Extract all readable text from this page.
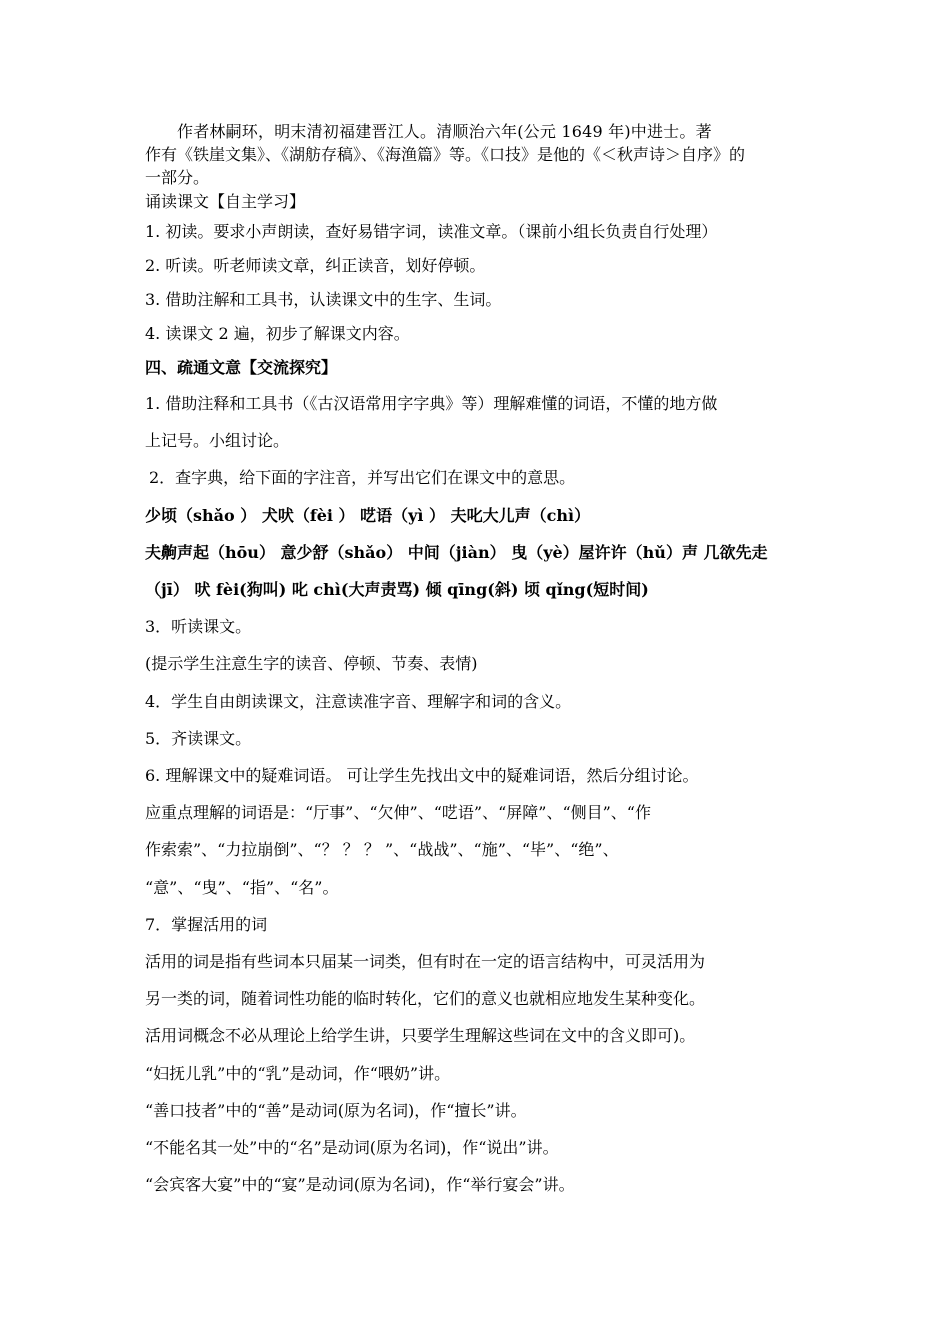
作者林嗣环，明末清初福建晋江人。清顺治六年(公元 1649 年)中进士。著

作有《铁崖文集》、《湖舫存稿》、《海渔篇》等。《口技》是他的《＜秋声诗＞自序》的

一部分。

诵读课文【自主学习】

1. 初读。要求小声朗读，查好易错字词，读准文章。（课前小组长负责自行处理）

2. 听读。听老师读文章，纠正读音，划好停顿。

3. 借助注解和工具书，认读课文中的生字、生词。

4. 读课文 2 遍，初步了解课文内容。

四、疏通文意【交流探究】

1. 借助注释和工具书（《古汉语常用字字典》等）理解难懂的词语，不懂的地方做

上记号。小组讨论。

2．查字典，给下面的字注音，并写出它们在课文中的意思。

少顷（shǎo ） 犬吠（fèi ） 呓语（yì ） 夫叱大儿声（chì）

夫齁声起（hōu） 意少舒（shǎo） 中间（jiàn） 曳（yè）屋许许（hǔ）声 几欲先走

（jī） 吠 fèi(狗叫) 叱 chì(大声责骂) 倾 qīng(斜) 顷 qǐng(短时间)

3．听读课文。

(提示学生注意生字的读音、停顿、节奏、表情)

4．学生自由朗读课文，注意读准字音、理解字和词的含义。

5．齐读课文。

6. 理解课文中的疑难词语。 可让学生先找出文中的疑难词语，然后分组讨论。

应重点理解的词语是：“厅事”、“欠伸”、“呓语”、“屏障”、“侧目”、“作

作索索”、“力拉崩倒”、“？ ？ ？ ”、“战战”、“施”、“毕”、“绝”、

“意”、“曳”、“指”、“名”。

7．掌握活用的词

活用的词是指有些词本只届某一词类，但有时在一定的语言结构中，可灵活用为

另一类的词，随着词性功能的临时转化，它们的意义也就相应地发生某种变化。

活用词概念不必从理论上给学生讲，只要学生理解这些词在文中的含义即可)。

“妇抚儿乳”中的“乳”是动词，作“喂奶”讲。

“善口技者”中的“善”是动词(原为名词)，作“擅长”讲。

“不能名其一处”中的“名”是动词(原为名词)，作“说出”讲。

“会宾客大宴”中的“宴”是动词(原为名词)，作“举行宴会”讲。
